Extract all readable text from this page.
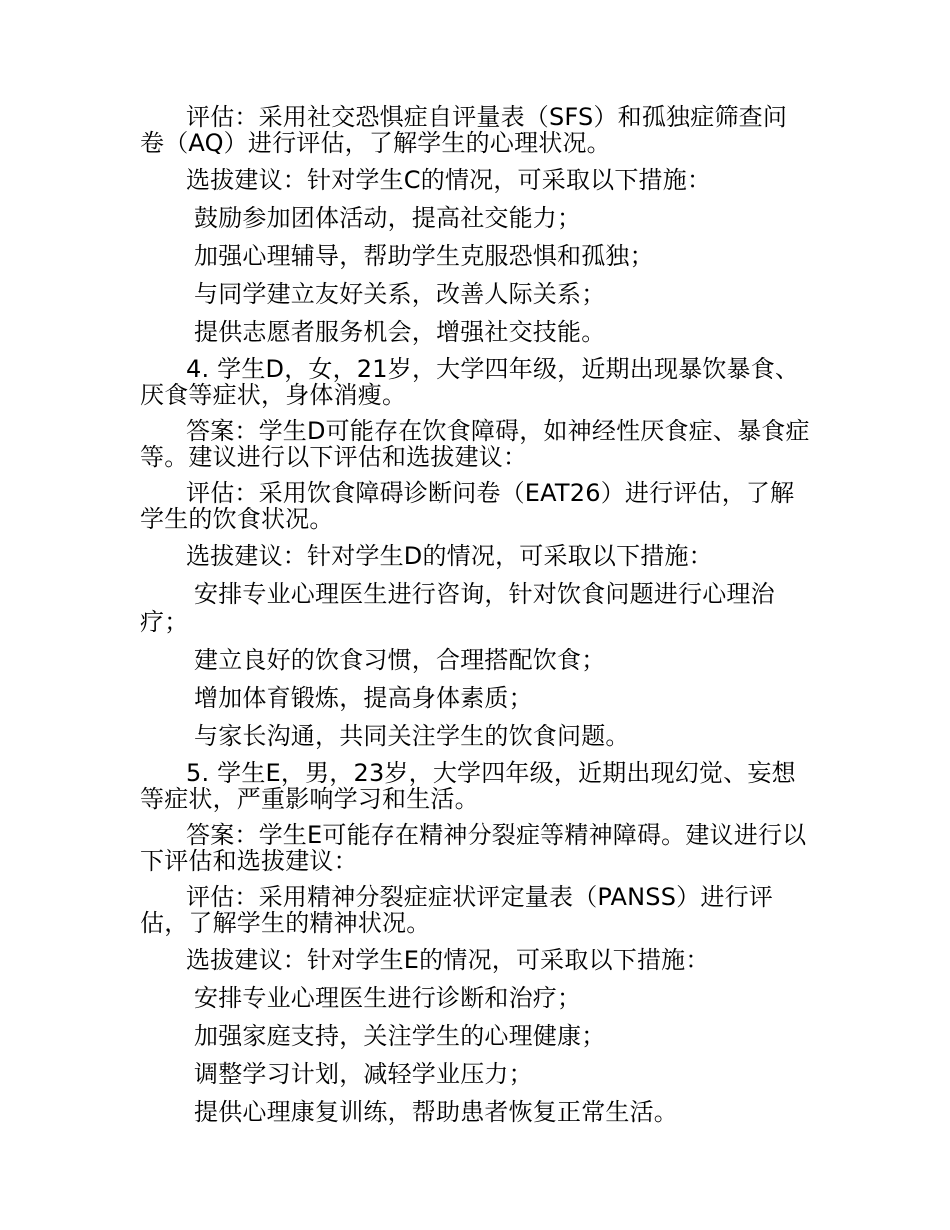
评估：采用社交恐惧症自评量表（SFS）和孤独症筛查问卷（AQ）进行评估，了解学生的心理状况。

选拔建议：针对学生C的情况，可采取以下措施：

鼓励参加团体活动，提高社交能力；

加强心理辅导，帮助学生克服恐惧和孤独；

与同学建立友好关系，改善人际关系；

提供志愿者服务机会，增强社交技能。

4. 学生D，女，21岁，大学四年级，近期出现暴饮暴食、厌食等症状，身体消瘦。

答案：学生D可能存在饮食障碍，如神经性厌食症、暴食症等。建议进行以下评估和选拔建议：

评估：采用饮食障碍诊断问卷（EAT26）进行评估，了解学生的饮食状况。

选拔建议：针对学生D的情况，可采取以下措施：

安排专业心理医生进行咨询，针对饮食问题进行心理治疗；

建立良好的饮食习惯，合理搭配饮食；

增加体育锻炼，提高身体素质；

与家长沟通，共同关注学生的饮食问题。

5. 学生E，男，23岁，大学四年级，近期出现幻觉、妄想等症状，严重影响学习和生活。

答案：学生E可能存在精神分裂症等精神障碍。建议进行以下评估和选拔建议：

评估：采用精神分裂症症状评定量表（PANSS）进行评估，了解学生的精神状况。

选拔建议：针对学生E的情况，可采取以下措施：

安排专业心理医生进行诊断和治疗；

加强家庭支持，关注学生的心理健康；

调整学习计划，减轻学业压力；

提供心理康复训练，帮助患者恢复正常生活。
